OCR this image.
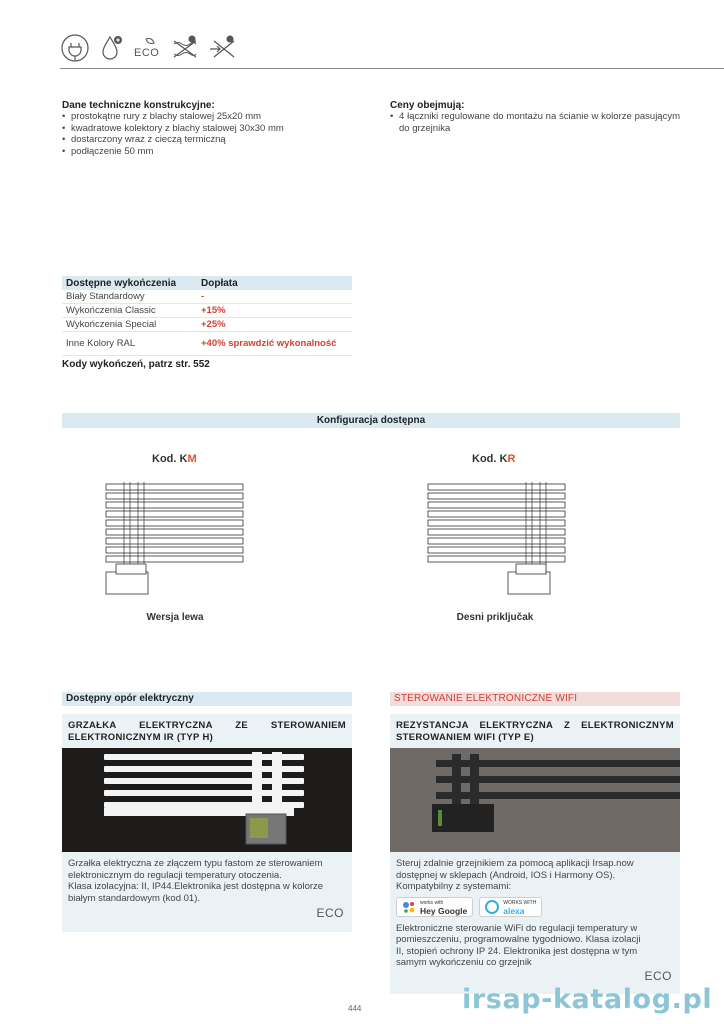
ECO
Dane techniczne konstrukcyjne:
• prostokątne rury z blachy stalowej 25x20 mm
• kwadratowe kolektory z blachy stalowej 30x30 mm
• dostarczony wraz z cieczą termiczną
• podłączenie 50 mm
Ceny obejmują:
• 4 łączniki regulowane do montażu na ścianie w kolorze pasującym do grzejnika
Dostępne wykończenia	Dopłata
Biały Standardowy	-
Wykończenia Classic	+15%
Wykończenia Special	+25%
Inne Kolory RAL	+40% sprawdzić wykonalność
Kody wykończeń, patrz str. 552
Konfiguracja dostępna
Kod. KM	Kod. KR
Wersja lewa	Desni priključak
Dostępny opór elektryczny
GRZAŁKA ELEKTRYCZNA ZE STEROWANIEM
ELEKTRONICZNYM IR (TYP H)
Grzałka elektryczna ze złączem typu fastom ze sterowaniem
elektronicznym do regulacji temperatury otoczenia.
Klasa izolacyjna: II, IP44.Elektronika jest dostępna w kolorze
białym standardowym (kod 01).
ECO
STEROWANIE ELEKTRONICZNE WIFI
REZYSTANCJA ELEKTRYCZNA Z ELEKTRONICZNYM
STEROWANIEM WIFI (TYP E)
Steruj zdalnie grzejnikiem za pomocą aplikacji Irsap.now
dostępnej w sklepach (Android, IOS i Harmony OS).
Kompatybilny z systemami:
works with
Hey Google
WORKS WITH
alexa
Elektroniczne sterowanie WiFi do regulacji temperatury w
pomieszczeniu, programowalne tygodniowo. Klasa izolacji
II, stopień ochrony IP 24. Elektronika jest dostępna w tym
samym wykończeniu co grzejnik
ECO
444	irsap-katalog.pl
